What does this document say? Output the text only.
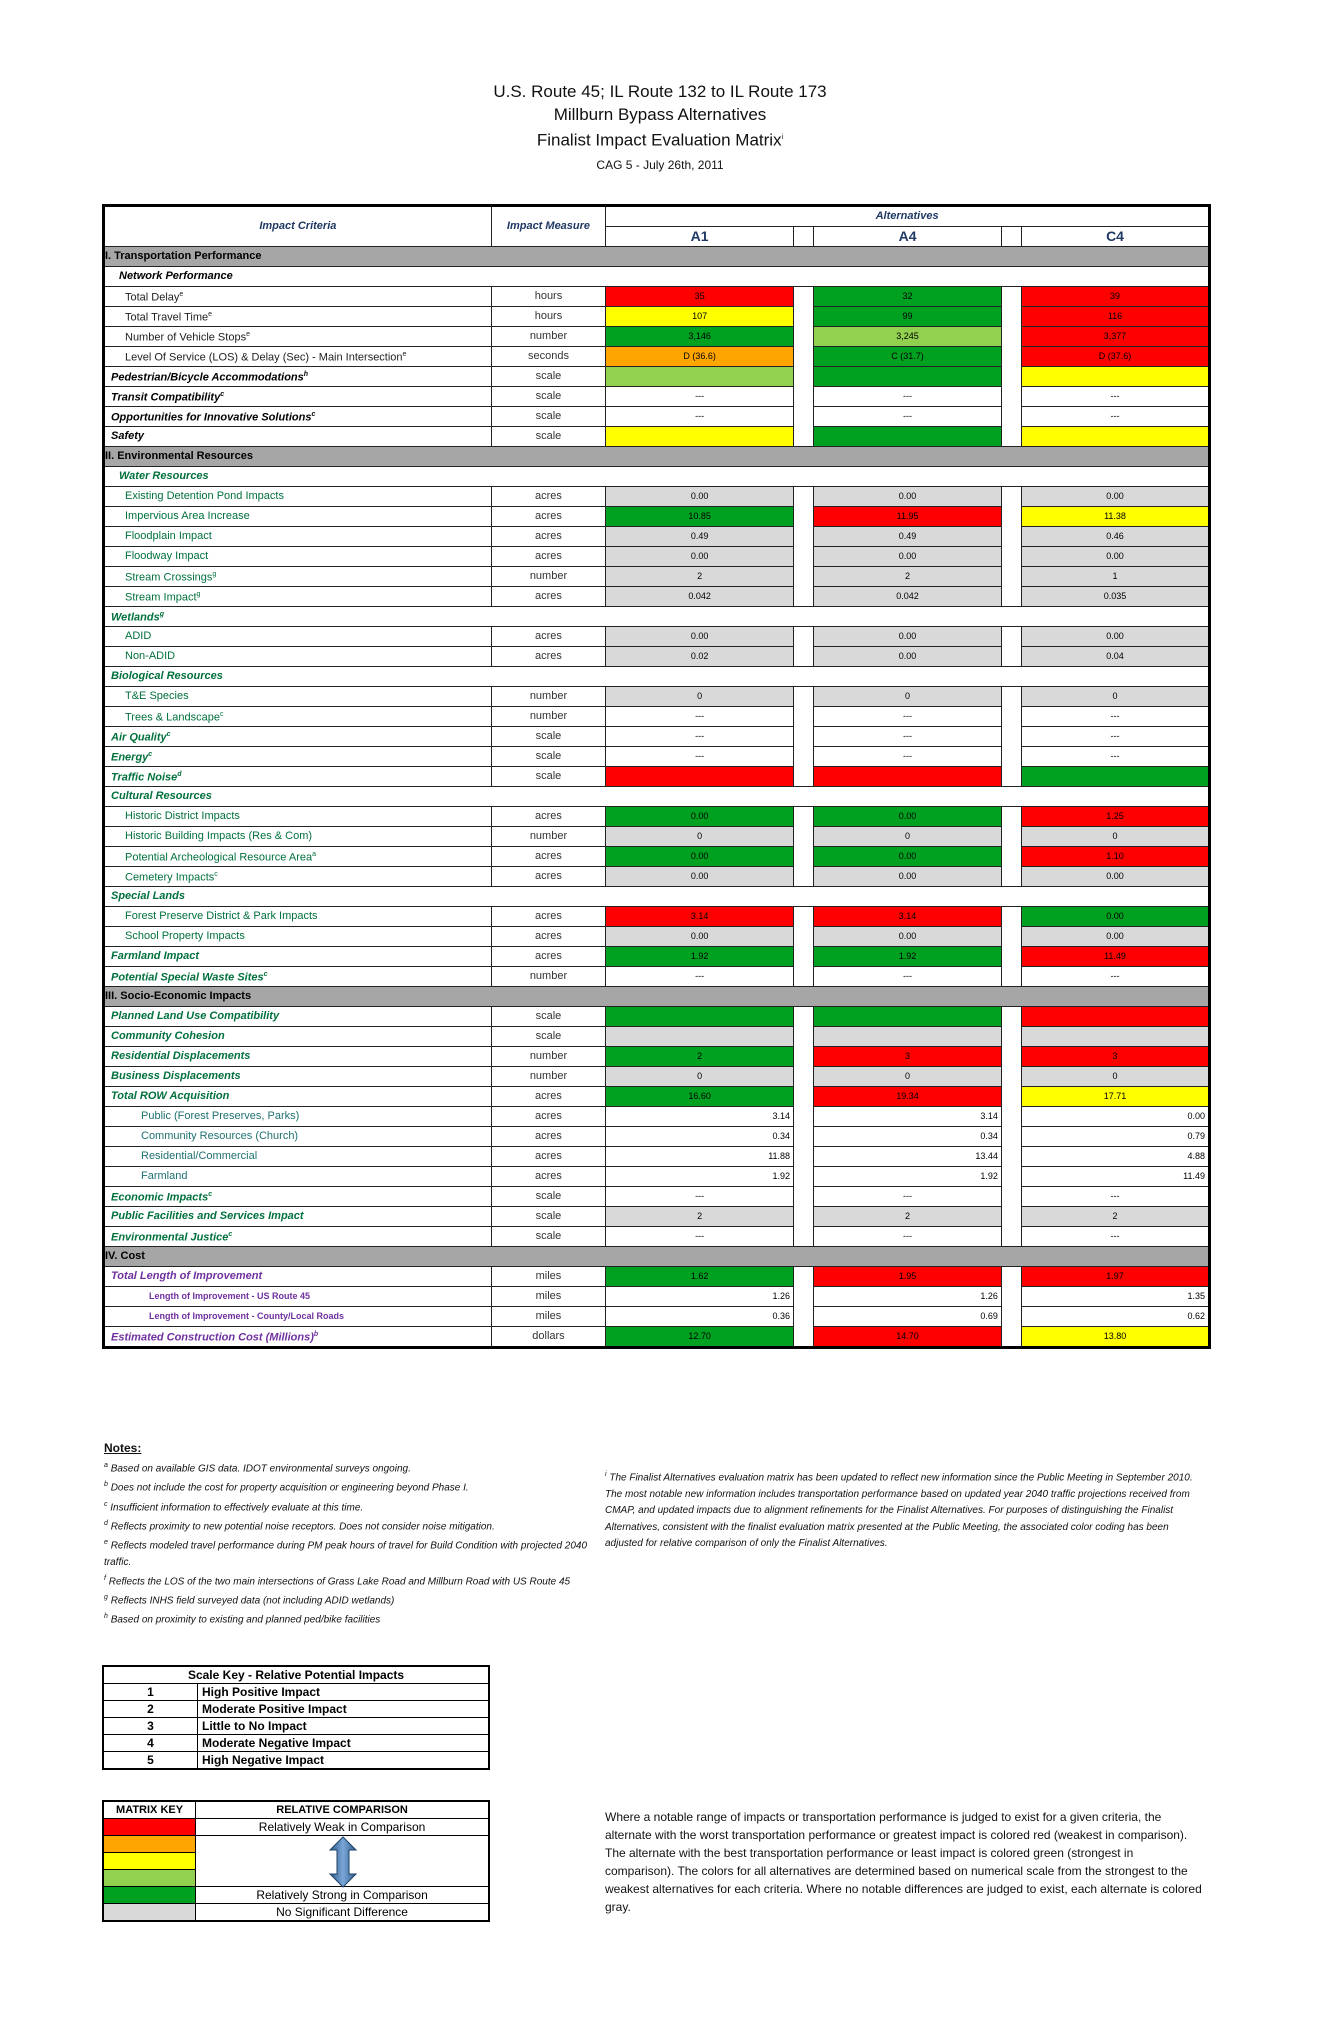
U.S. Route 45; IL Route 132 to IL Route 173
Millburn Bypass Alternatives
Finalist Impact Evaluation Matrix$^i$
CAG 5 - July 26th, 2011
Impact Criteria	Impact Measure	Alternatives				
		A1		A4		C4
I. Transportation Performance						
Network Performance						
Total Delay$^e$	hours	35		32		39
Total Travel Time$^e$	hours	107		99		116
Number of Vehicle Stops$^e$	number	3,146		3,245		3,377
Level Of Service (LOS) & Delay (Sec) - Main Intersection$^e$	seconds	D (36.6)		C (31.7)		D (37.6)
Pedestrian/Bicycle Accommodations$^h$	scale					
Transit Compatibility$^c$	scale	---		---		---
Opportunities for Innovative Solutions$^c$	scale	---		---		---
Safety	scale					
II. Environmental Resources						
Water Resources						
Existing Detention Pond Impacts	acres	0.00		0.00		0.00
Impervious Area Increase	acres	10.85		11.95		11.38
Floodplain Impact	acres	0.49		0.49		0.46
Floodway Impact	acres	0.00		0.00		0.00
Stream Crossings$^g$	number	2		2		1
Stream Impact$^g$	acres	0.042		0.042		0.035
Wetlands$^g$
ADID	acres	0.00		0.00		0.00
Non-ADID	acres	0.02		0.00		0.04
Biological Resources						
T&E Species	number	0		0		0
Trees & Landscape$^c$	number	---		---		---
Air Quality$^c$	scale	---		---		---
Energy$^c$	scale	---		---		---
Traffic Noise$^d$	scale					
Cultural Resources						
Historic District Impacts	acres	0.00		0.00		1.25
Historic Building Impacts (Res & Com)	number	0		0		0
Potential Archeological Resource Area$^a$	acres	0.00		0.00		1.10
Cemetery Impacts$^c$	acres	0.00		0.00		0.00
Special Lands						
Forest Preserve District & Park Impacts	acres	3.14		3.14		0.00
School Property Impacts	acres	0.00		0.00		0.00
Farmland Impact	acres	1.92		1.92		11.49
Potential Special Waste Sites$^c$	number	---		---		---
III. Socio-Economic Impacts						
Planned Land Use Compatibility	scale					
Community Cohesion	scale					
Residential Displacements	number	2		3		3
Business Displacements	number	0		0		0
Total ROW Acquisition	acres	16.60		19.34		17.71
Public (Forest Preserves, Parks)	acres	3.14		3.14		0.00
Community Resources (Church)	acres	0.34		0.34		0.79
Residential/Commercial	acres	11.88		13.44		4.88
Farmland	acres	1.92		1.92		11.49
Economic Impacts$^c$	scale	---		---		---
Public Facilities and Services Impact	scale	2		2		2
Environmental Justice$^c$	scale	---		---		---
IV. Cost						
Total Length of Improvement	miles	1.62		1.95		1.97
Length of Improvement - US Route 45	miles	1.26		1.26		1.35
Length of Improvement - County/Local Roads	miles	0.36		0.69		0.62
Estimated Construction Cost (Millions)$^b$	dollars	12.70		14.70		13.80
Notes:
$^a$ Based on available GIS data. IDOT environmental surveys ongoing.
$^b$ Does not include the cost for property acquisition or engineering beyond Phase I.
$^c$ Insufficient information to effectively evaluate at this time.
$^d$ Reflects proximity to new potential noise receptors. Does not consider noise mitigation.
$^e$ Reflects modeled travel performance during PM peak hours of travel for Build Condition with projected 2040 traffic.
$^f$ Reflects the LOS of the two main intersections of Grass Lake Road and Millburn Road with US Route 45
$^g$ Reflects INHS field surveyed data (not including ADID wetlands)
$^h$ Based on proximity to existing and planned ped/bike facilities
$^i$ The Finalist Alternatives evaluation matrix has been updated to reflect new information since the Public Meeting in September 2010. The most notable new information includes transportation performance based on updated year 2040 traffic projections received from CMAP, and updated impacts due to alignment refinements for the Finalist Alternatives. For purposes of distinguishing the Finalist Alternatives, consistent with the finalist evaluation matrix presented at the Public Meeting, the associated color coding has been adjusted for relative comparison of only the Finalist Alternatives.
Scale Key - Relative Potential Impacts	
1	High Positive Impact
2	Moderate Positive Impact
3	Little to No Impact
4	Moderate Negative Impact
5	High Negative Impact
MATRIX KEY	RELATIVE COMPARISON
	Relatively Weak in Comparison

	Relatively Strong in Comparison
	No Significant Difference
Where a notable range of impacts or transportation performance is judged to exist for a given criteria, the alternate with the worst transportation performance or greatest impact is colored red (weakest in comparison). The alternate with the best transportation performance or least impact is colored green (strongest in comparison). The colors for all alternatives are determined based on numerical scale from the strongest to the weakest alternatives for each criteria. Where no notable differences are judged to exist, each alternate is colored gray.
